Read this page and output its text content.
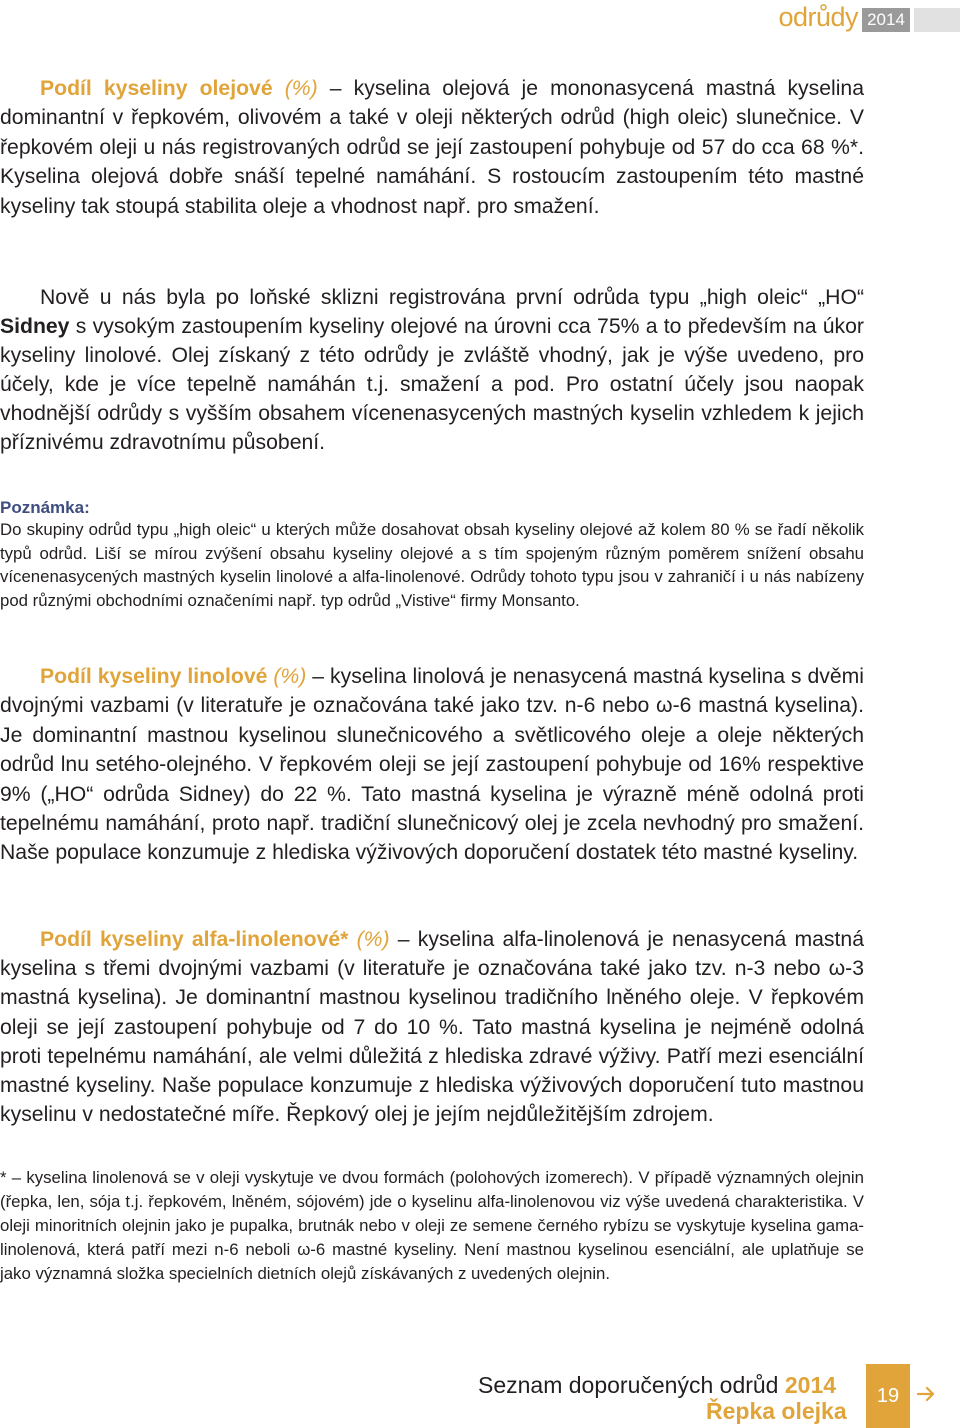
odrůdy 2014

Podíl kyseliny olejové (%) – kyselina olejová je mononasycená mastná kyselina dominantní v řepkovém, olivovém a také v oleji některých odrůd (high oleic) slunečnice. V řepkovém oleji u nás registrovaných odrůd se její zastoupení pohybuje od 57 do cca 68 %*. Kyselina olejová dobře snáší tepelné namáhání. S rostoucím zastoupením této mastné kyseliny tak stoupá stabilita oleje a vhodnost např. pro smažení.

Nově u nás byla po loňské sklizni registrována první odrůda typu „high oleic“ „HO“ Sidney s vysokým zastoupením kyseliny olejové na úrovni cca 75% a to především na úkor kyseliny linolové. Olej získaný z této odrůdy je zvláště vhodný, jak je výše uvedeno, pro účely, kde je více tepelně namáhán t.j. smažení a pod. Pro ostatní účely jsou naopak vhodnější odrůdy s vyšším obsahem vícenenasycených mastných kyselin vzhledem k jejich příznivému zdravotnímu působení.

Poznámka:

Do skupiny odrůd typu „high oleic“ u kterých může dosahovat obsah kyseliny olejové až kolem 80 % se řadí několik typů odrůd. Liší se mírou zvýšení obsahu kyseliny olejové a s tím spojeným různým poměrem snížení obsahu vícenenasycených mastných kyselin linolové a alfa-linolenové. Odrůdy tohoto typu jsou v zahraničí i u nás nabízeny pod různými obchodními označeními např. typ odrůd „Vistive“ firmy Monsanto.

Podíl kyseliny linolové (%) – kyselina linolová je nenasycená mastná kyselina s dvěmi dvojnými vazbami (v literatuře je označována také jako tzv. n-6 nebo ω-6 mastná kyselina). Je dominantní mastnou kyselinou slunečnicového a světlicového oleje a oleje některých odrůd lnu setého-olejného. V řepkovém oleji se její zastoupení pohybuje od 16% respektive 9% („HO“ odrůda Sidney) do 22 %. Tato mastná kyselina je výrazně méně odolná proti tepelnému namáhání, proto např. tradiční slunečnicový olej je zcela nevhodný pro smažení. Naše populace konzumuje z hlediska výživových doporučení dostatek této mastné kyseliny.

Podíl kyseliny alfa-linolenové* (%) – kyselina alfa-linolenová je nenasycená mastná kyselina s třemi dvojnými vazbami (v literatuře je označována také jako tzv. n-3 nebo ω-3 mastná kyselina). Je dominantní mastnou kyselinou tradičního lněného oleje. V řepkovém oleji se její zastoupení pohybuje od 7 do 10 %. Tato mastná kyselina je nejméně odolná proti tepelnému namáhání, ale velmi důležitá z hlediska zdravé výživy. Patří mezi esenciální mastné kyseliny. Naše populace konzumuje z hlediska výživových doporučení tuto mastnou kyselinu v nedostatečné míře. Řepkový olej je jejím nejdůležitějším zdrojem.

* – kyselina linolenová se v oleji vyskytuje ve dvou formách (polohových izomerech). V případě významných olejnin (řepka, len, sója t.j. řepkovém, lněném, sójovém) jde o kyselinu alfa-linolenovou viz výše uvedená charakteristika. V oleji minoritních olejnin jako je pupalka, brutnák nebo v oleji ze semene černého rybízu se vyskytuje kyselina gama-linolenová, která patří mezi n-6 neboli ω-6 mastné kyseliny. Není mastnou kyselinou esenciální, ale uplatňuje se jako významná složka specielních dietních olejů získávaných z uvedených olejnin.

Seznam doporučených odrůd 2014
Řepka olejka
19
